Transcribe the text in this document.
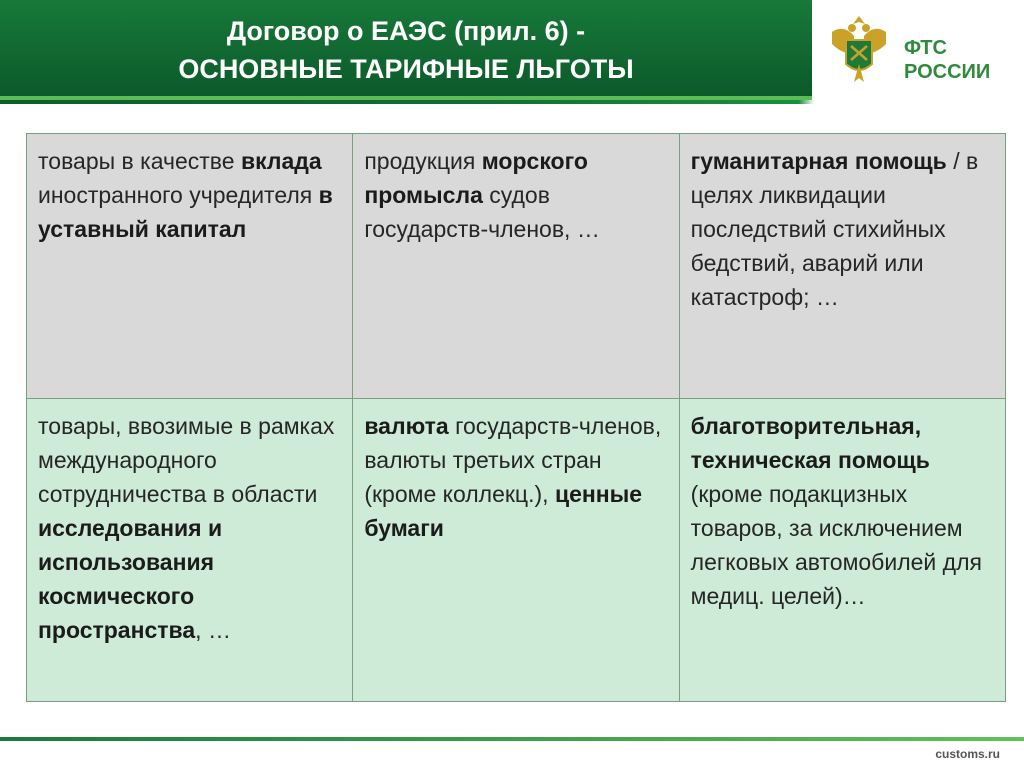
Договор о ЕАЭС (прил. 6) -
ОСНОВНЫЕ ТАРИФНЫЕ ЛЬГОТЫ
ФТС
РОССИИ
товары в качестве вклада иностранного учредителя в уставный капитал	продукция морского промысла судов государств-членов, …	гуманитарная помощь / в целях ликвидации последствий стихийных бедствий, аварий или катастроф; …
товары, ввозимые в рамках международного сотрудничества в области исследования и использования космического пространства, …	валюта государств-членов, валюты третьих стран (кроме коллекц.), ценные бумаги	благотворительная, техническая помощь (кроме подакцизных товаров, за исключением легковых автомобилей для медиц. целей)…
customs.ru
